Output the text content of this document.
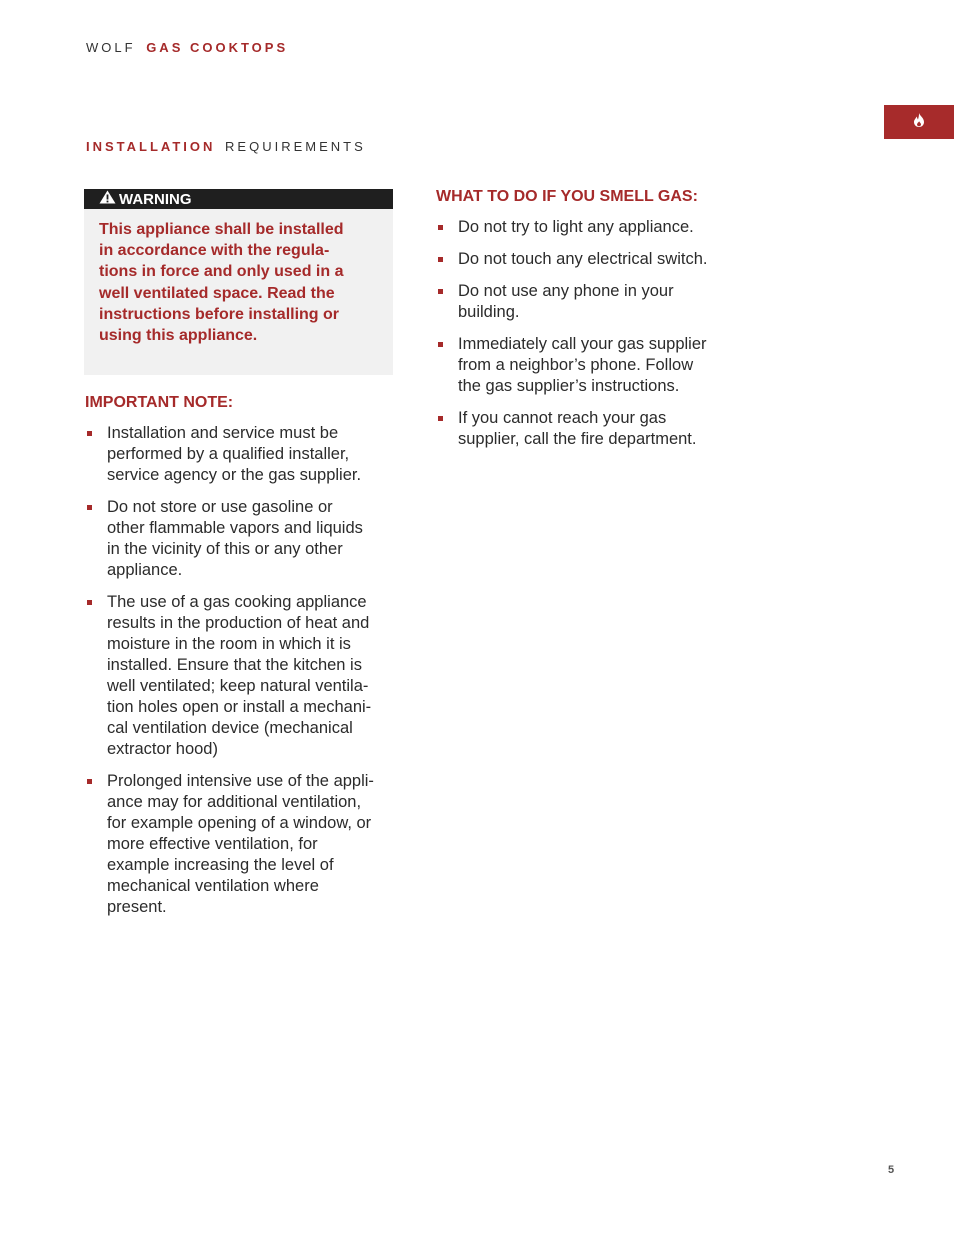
WOLF GAS COOKTOPS
INSTALLATION REQUIREMENTS
WARNING
This appliance shall be installed
in accordance with the regula-
tions in force and only used in a
well ventilated space. Read the
instructions before installing or
using this appliance.
IMPORTANT NOTE:
Installation and service must be
performed by a qualified installer,
service agency or the gas supplier.
Do not store or use gasoline or
other flammable vapors and liquids
in the vicinity of this or any other
appliance.
The use of a gas cooking appliance
results in the production of heat and
moisture in the room in which it is
installed. Ensure that the kitchen is
well ventilated; keep natural ventila-
tion holes open or install a mechani-
cal ventilation device (mechanical
extractor hood)
Prolonged intensive use of the appli-
ance may for additional ventilation,
for example opening of a window, or
more effective ventilation, for
example increasing the level of
mechanical ventilation where
present.
WHAT TO DO IF YOU SMELL GAS:
Do not try to light any appliance.
Do not touch any electrical switch.
Do not use any phone in your
building.
Immediately call your gas supplier
from a neighbor’s phone. Follow
the gas supplier’s instructions.
If you cannot reach your gas
supplier, call the fire department.
5
